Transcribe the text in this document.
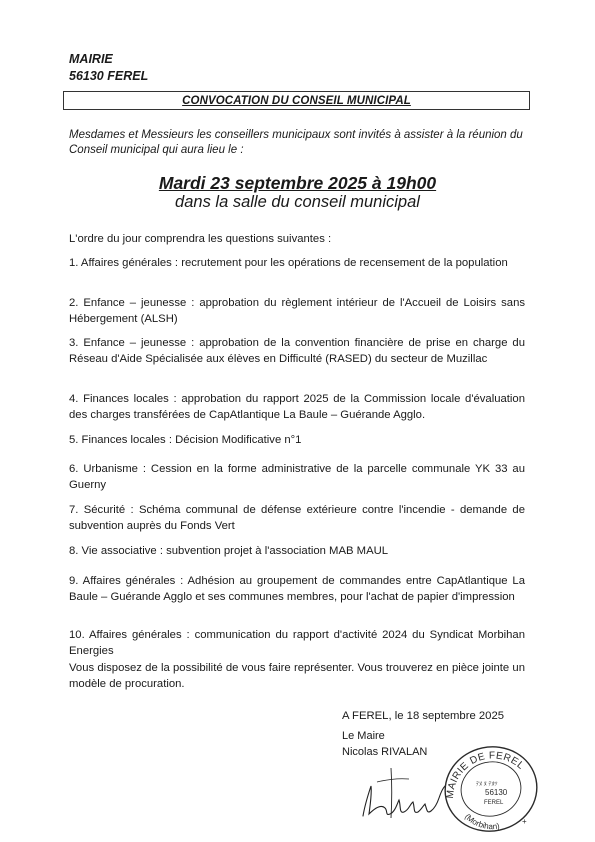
MAIRIE
56130 FEREL
CONVOCATION DU CONSEIL MUNICIPAL
Mesdames et Messieurs les conseillers municipaux sont invités à assister à la réunion du Conseil municipal qui aura lieu le :
Mardi 23 septembre 2025 à 19h00
dans la salle du conseil municipal
L'ordre du jour comprendra les questions suivantes :
1. Affaires générales : recrutement pour les opérations de recensement de la population
2. Enfance – jeunesse : approbation du règlement intérieur de l'Accueil de Loisirs sans Hébergement (ALSH)
3. Enfance – jeunesse : approbation de la convention financière de prise en charge du Réseau d'Aide Spécialisée aux élèves en Difficulté (RASED) du secteur de Muzillac
4. Finances locales : approbation du rapport 2025 de la Commission locale d'évaluation des charges transférées de CapAtlantique La Baule – Guérande Agglo.
5. Finances locales : Décision Modificative n°1
6. Urbanisme : Cession en la forme administrative de la parcelle communale YK 33 au Guerny
7. Sécurité : Schéma communal de défense extérieure contre l'incendie - demande de subvention auprès du Fonds Vert
8. Vie associative : subvention projet à l'association MAB MAUL
9. Affaires générales : Adhésion au groupement de commandes entre CapAtlantique La Baule – Guérande Agglo et ses communes membres, pour l'achat de papier d'impression
10. Affaires générales : communication du rapport d'activité 2024 du Syndicat Morbihan Energies
Vous disposez de la possibilité de vous faire représenter. Vous trouverez en pièce jointe un modèle de procuration.
A FEREL, le 18 septembre 2025
Le Maire
Nicolas RIVALAN
MAIRIE DE FEREL
ﾃﾇ ﾇ ﾃﾇﾂ
56130
FEREL
(Morbihan)	+
